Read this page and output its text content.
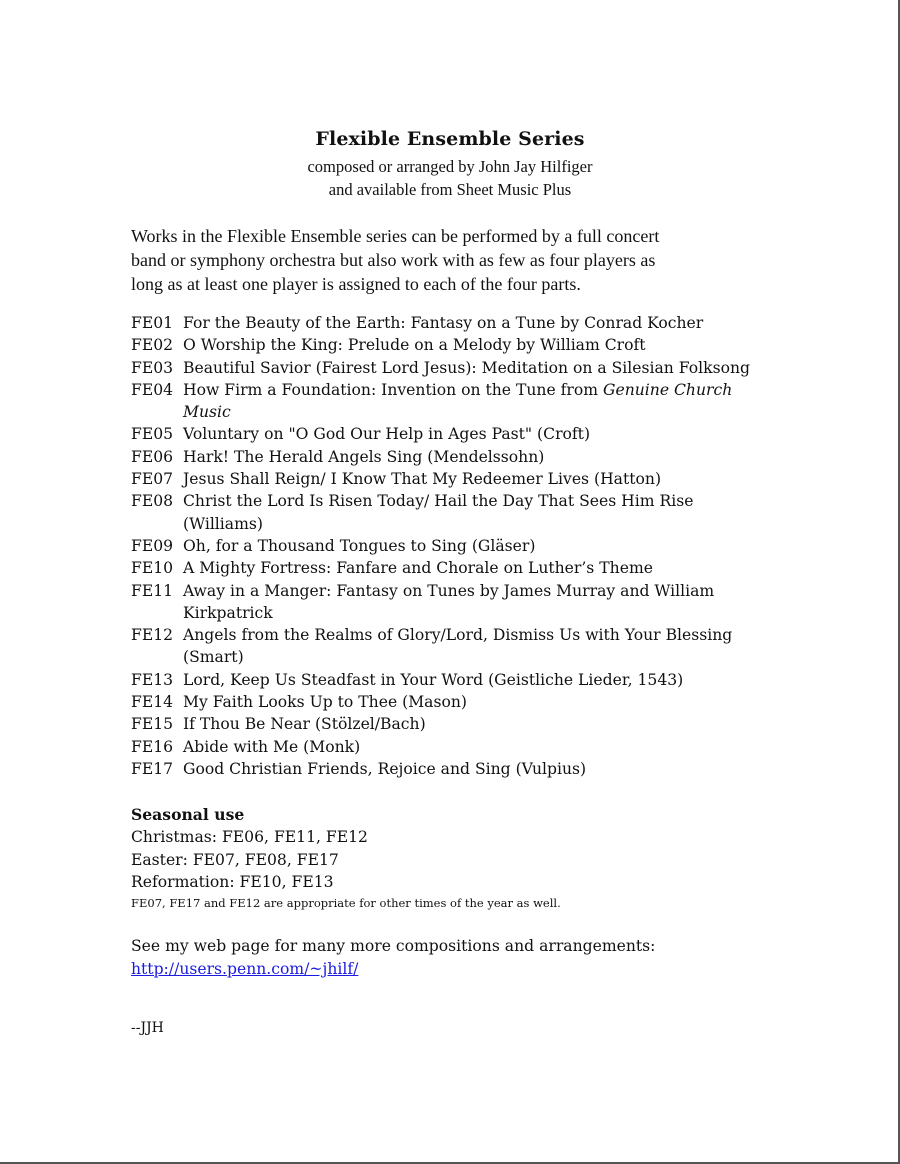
Flexible Ensemble Series
composed or arranged by John Jay Hilfiger
and available from Sheet Music Plus
Works in the Flexible Ensemble series can be performed by a full concert
band or symphony orchestra but also work with as few as four players as
long as at least one player is assigned to each of the four parts.
FE01 For the Beauty of the Earth: Fantasy on a Tune by Conrad Kocher
FE02 O Worship the King: Prelude on a Melody by William Croft
FE03 Beautiful Savior (Fairest Lord Jesus): Meditation on a Silesian Folksong
FE04 How Firm a Foundation: Invention on the Tune from Genuine Church
Music
FE05 Voluntary on "O God Our Help in Ages Past" (Croft)
FE06 Hark! The Herald Angels Sing (Mendelssohn)
FE07 Jesus Shall Reign/ I Know That My Redeemer Lives (Hatton)
FE08 Christ the Lord Is Risen Today/ Hail the Day That Sees Him Rise
(Williams)
FE09 Oh, for a Thousand Tongues to Sing (Gläser)
FE10 A Mighty Fortress: Fanfare and Chorale on Luther’s Theme
FE11 Away in a Manger: Fantasy on Tunes by James Murray and William
Kirkpatrick
FE12 Angels from the Realms of Glory/Lord, Dismiss Us with Your Blessing
(Smart)
FE13 Lord, Keep Us Steadfast in Your Word (Geistliche Lieder, 1543)
FE14 My Faith Looks Up to Thee (Mason)
FE15 If Thou Be Near (Stölzel/Bach)
FE16 Abide with Me (Monk)
FE17 Good Christian Friends, Rejoice and Sing (Vulpius)
Seasonal use
Christmas: FE06, FE11, FE12
Easter: FE07, FE08, FE17
Reformation: FE10, FE13
FE07, FE17 and FE12 are appropriate for other times of the year as well.
See my web page for many more compositions and arrangements:
http://users.penn.com/~jhilf/
--JJH
